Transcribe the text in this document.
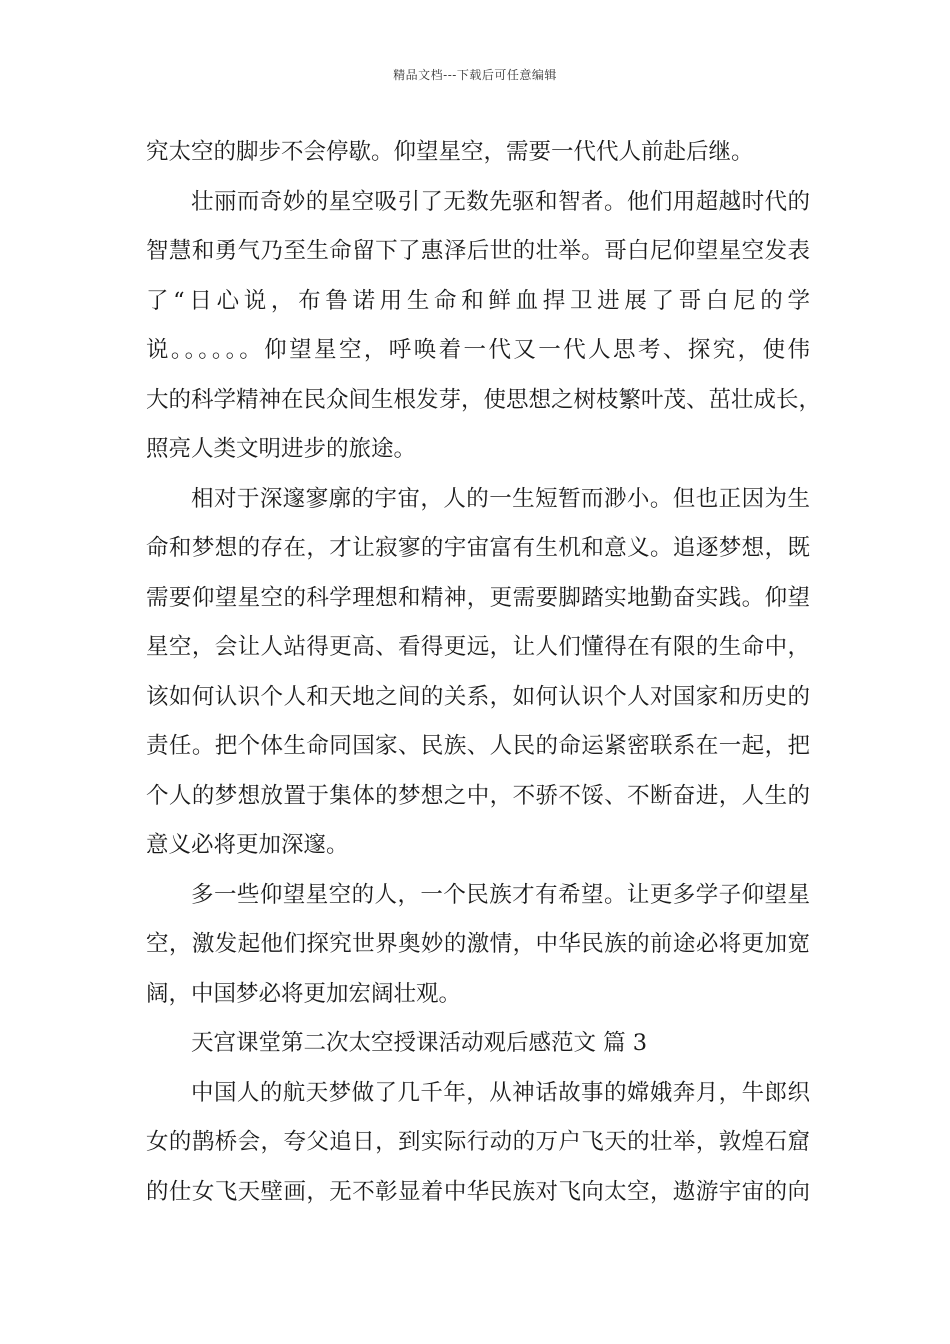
精品文档---下载后可任意编辑
究太空的脚步不会停歇。仰望星空，需要一代代人前赴后继。
壮丽而奇妙的星空吸引了无数先驱和智者。他们用超越时代的
智慧和勇气乃至生命留下了惠泽后世的壮举。哥白尼仰望星空发表
了“日心说，布鲁诺用生命和鲜血捍卫进展了哥白尼的学
说。。。。。。仰望星空，呼唤着一代又一代人思考、探究，使伟
大的科学精神在民众间生根发芽，使思想之树枝繁叶茂、茁壮成长，
照亮人类文明进步的旅途。
相对于深邃寥廓的宇宙，人的一生短暂而渺小。但也正因为生
命和梦想的存在，才让寂寥的宇宙富有生机和意义。追逐梦想，既
需要仰望星空的科学理想和精神，更需要脚踏实地勤奋实践。仰望
星空，会让人站得更高、看得更远，让人们懂得在有限的生命中，
该如何认识个人和天地之间的关系，如何认识个人对国家和历史的
责任。把个体生命同国家、民族、人民的命运紧密联系在一起，把
个人的梦想放置于集体的梦想之中，不骄不馁、不断奋进，人生的
意义必将更加深邃。
多一些仰望星空的人，一个民族才有希望。让更多学子仰望星
空，激发起他们探究世界奥妙的激情，中华民族的前途必将更加宽
阔，中国梦必将更加宏阔壮观。
天宫课堂第二次太空授课活动观后感范文 篇 3
中国人的航天梦做了几千年，从神话故事的嫦娥奔月，牛郎织
女的鹊桥会，夸父追日，到实际行动的万户飞天的壮举，敦煌石窟
的仕女飞天壁画，无不彰显着中华民族对飞向太空，遨游宇宙的向
